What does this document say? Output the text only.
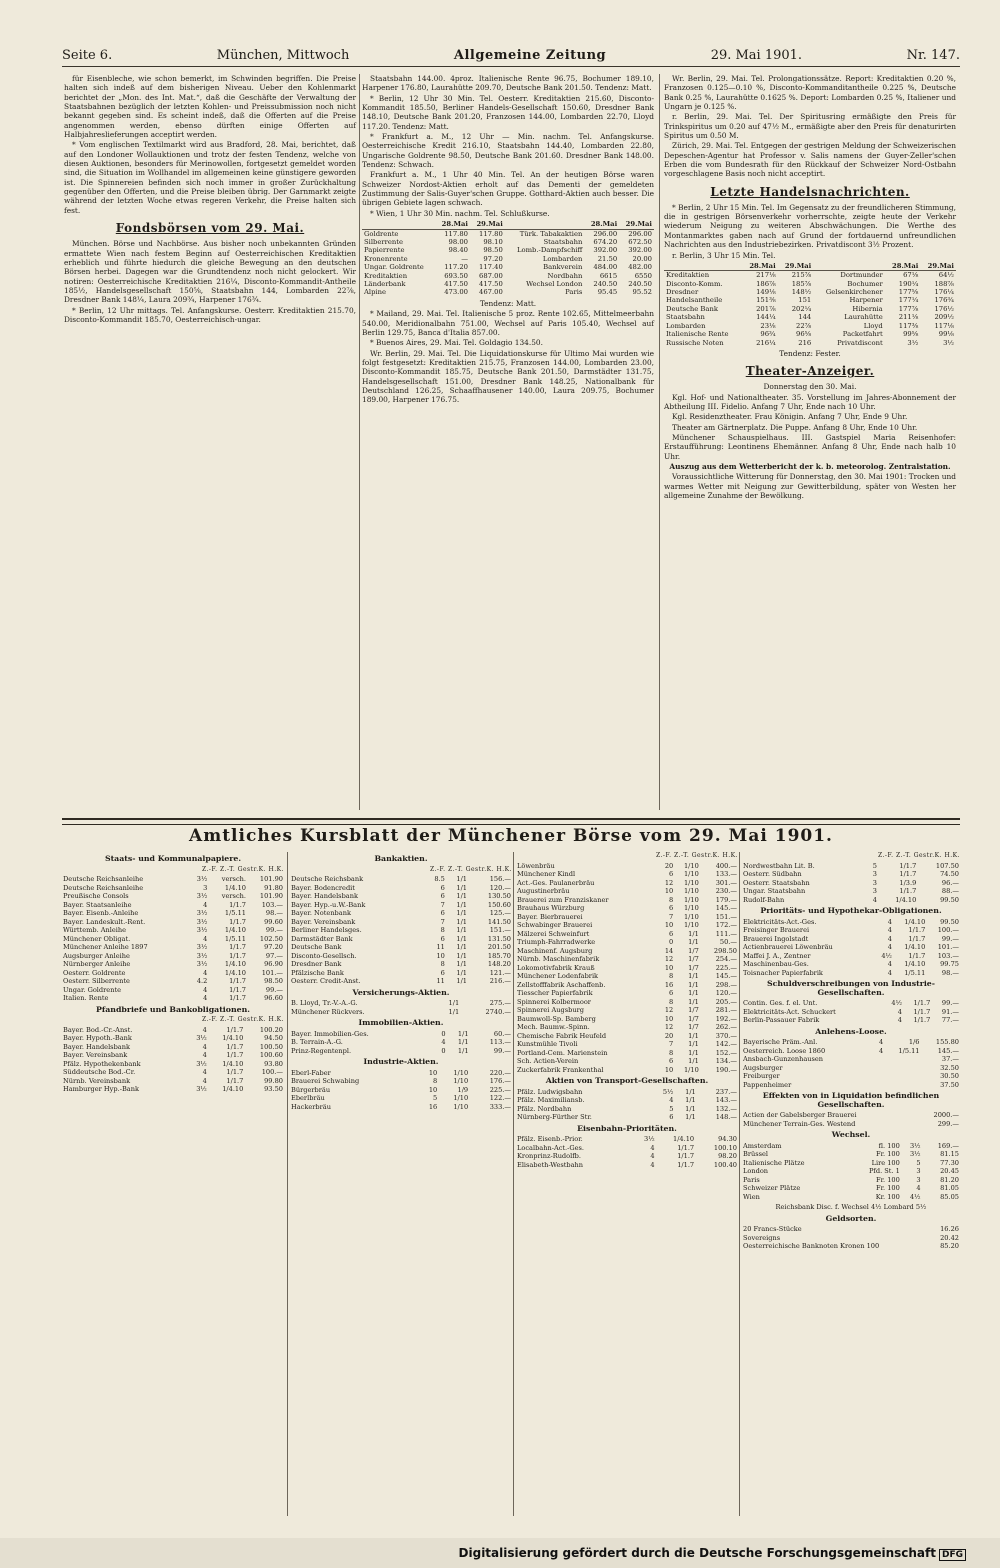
Seite 6.	München, Mittwoch	Allgemeine Zeitung	29. Mai 1901.	Nr. 147.

für Eisenbleche, wie schon bemerkt, im Schwinden begriffen. Die Preise halten sich indeß auf dem bisherigen Niveau. Ueber den Kohlenmarkt berichtet der „Mon. des Int. Mat.“, daß die Geschäfte der Verwaltung der Staatsbahnen bezüglich der letzten Kohlen- und Preissubmission noch nicht bekannt gegeben sind. Es scheint indeß, daß die Offerten auf die Preise angenommen werden, ebenso dürften einige Offerten auf Halbjahreslieferungen acceptirt werden.

* Vom englischen Textilmarkt wird aus Bradford, 28. Mai, berichtet, daß auf den Londoner Wollauktionen und trotz der festen Tendenz, welche von diesen Auktionen, besonders für Merinowollen, fortgesetzt gemeldet worden sind, die Situation im Wollhandel im allgemeinen keine günstigere geworden ist. Die Spinnereien befinden sich noch immer in großer Zurückhaltung gegenüber den Offerten, und die Preise bleiben übrig. Der Garnmarkt zeigte während der letzten Woche etwas regeren Verkehr, die Preise halten sich fest.

Fondsbörsen vom 29. Mai.

München. Börse und Nachbörse. Aus bisher noch unbekannten Gründen ermattete Wien nach festem Beginn auf Oesterreichischen Kreditaktien erheblich und führte hiedurch die gleiche Bewegung an den deutschen Börsen herbei. Dagegen war die Grundtendenz noch nicht gelockert. Wir notiren: Oesterreichische Kreditaktien 216¼, Disconto-Kommandit-Antheile 185½, Handelsgesellschaft 150⅝, Staatsbahn 144, Lombarden 22⅞, Dresdner Bank 148¼, Laura 209¾, Harpener 176¾.

* Berlin, 12 Uhr mittags. Tel. Anfangskurse. Oesterr. Kreditaktien 215.70, Disconto-Kommandit 185.70, Oesterreichisch-ungar.

Staatsbahn 144.00. 4proz. Italienische Rente 96.75, Bochumer 189.10, Harpener 176.80, Laurahütte 209.70, Deutsche Bank 201.50. Tendenz: Matt.

* Berlin, 12 Uhr 30 Min. Tel. Oesterr. Kreditaktien 215.60, Disconto-Kommandit 185.50, Berliner Handels-Gesellschaft 150.60, Dresdner Bank 148.10, Deutsche Bank 201.20, Franzosen 144.00, Lombarden 22.70, Lloyd 117.20. Tendenz: Matt.

* Frankfurt a. M., 12 Uhr — Min. nachm. Tel. Anfangskurse. Oesterreichische Kredit 216.10, Staatsbahn 144.40, Lombarden 22.80, Ungarische Goldrente 98.50, Deutsche Bank 201.60. Dresdner Bank 148.00. Tendenz: Schwach.

Frankfurt a. M., 1 Uhr 40 Min. Tel. An der heutigen Börse waren Schweizer Nordost-Aktien erholt auf das Dementi der gemeldeten Zustimmung der Salis-Guyer'schen Gruppe. Gotthard-Aktien auch besser. Die übrigen Gebiete lagen schwach.

* Wien, 1 Uhr 30 Min. nachm. Tel. Schlußkurse.

	28.Mai	29.Mai		28.Mai	29.Mai
Goldrente	117.80	117.80	Türk. Tabakaktien	296.00	296.00
Silberrente	98.00	98.10	Staatsbahn	674.20	672.50
Papierrente	98.40	98.50	Lomb.-Dampfschiff	392.00	392.00
Kronenrente	—	97.20	Lombarden	21.50	20.00
Ungar. Goldrente	117.20	117.40	Bankverein	484.00	482.00
Kreditaktien	693.50	687.00	Nordbahn	6615	6550
Länderbank	417.50	417.50	Wechsel London	240.50	240.50
Alpine	473.00	467.00	Paris	95.45	95.52

Tendenz: Matt.

* Mailand, 29. Mai. Tel. Italienische 5 proz. Rente 102.65, Mittelmeerbahn 540.00, Meridionalbahn 751.00, Wechsel auf Paris 105.40, Wechsel auf Berlin 129.75, Banca d'Italia 857.00.

* Buenos Aires, 29. Mai. Tel. Goldagio 134.50.

Wr. Berlin, 29. Mai. Tel. Die Liquidationskurse für Ultimo Mai wurden wie folgt festgesetzt: Kreditaktien 215.75, Franzosen 144.00, Lombarden 23.00, Disconto-Kommandit 185.75, Deutsche Bank 201.50, Darmstädter 131.75, Handelsgesellschaft 151.00, Dresdner Bank 148.25, Nationalbank für Deutschland 126.25, Schaaffhausener 140.00, Laura 209.75, Bochumer 189.00, Harpener 176.75.

Wr. Berlin, 29. Mai. Tel. Prolongationssätze. Report: Kreditaktien 0.20 %, Franzosen 0.125—0.10 %, Disconto-Kommanditantheile 0.225 %, Deutsche Bank 0.25 %, Laurahütte 0.1625 %. Deport: Lombarden 0.25 %, Italiener und Ungarn je 0.125 %.

r. Berlin, 29. Mai. Tel. Der Spiritusring ermäßigte den Preis für Trinkspiritus um 0.20 auf 47½ M., ermäßigte aber den Preis für denaturirten Spiritus um 0.50 M.

Zürich, 29. Mai. Tel. Entgegen der gestrigen Meldung der Schweizerischen Depeschen-Agentur hat Professor v. Salis namens der Guyer-Zeller'schen Erben die vom Bundesrath für den Rückkauf der Schweizer Nord-Ostbahn vorgeschlagene Basis noch nicht acceptirt.

Letzte Handelsnachrichten.

* Berlin, 2 Uhr 15 Min. Tel. Im Gegensatz zu der freundlicheren Stimmung, die in gestrigen Börsenverkehr vorherrschte, zeigte heute der Verkehr wiederum Neigung zu weiteren Abschwächungen. Die Werthe des Montanmarktes gaben nach auf Grund der fortdauernd unfreundlichen Nachrichten aus den Industriebezirken. Privatdiscont 3½ Prozent.

r. Berlin, 3 Uhr 15 Min. Tel.

	28.Mai	29.Mai		28.Mai	29.Mai
Kreditaktien	217⅛	215⅞	Dortmunder	67⅛	64½
Disconto-Komm.	186⅞	185⅞	Bochumer	190¼	188⅞
Dresdner	149⅛	148½	Gelsenkirchener	177⅝	176¼
Handelsantheile	151⅜	151	Harpener	177¼	176¾
Deutsche Bank	201⅞	202¼	Hibernia	177⅞	176½
Staatsbahn	144¼	144	Laurahütte	211⅛	209½
Lombarden	23⅛	22⅞	Lloyd	117⅜	117⅛
Italienische Rente	96¾	96⅝	Packetfahrt	99⅝	99⅛
Russische Noten	216¼	216	Privatdiscont	3½	3½

Tendenz: Fester.

Theater-Anzeiger.

Donnerstag den 30. Mai.

Kgl. Hof- und Nationaltheater. 35. Vorstellung im Jahres-Abonnement der Abtheilung III. Fidelio. Anfang 7 Uhr, Ende nach 10 Uhr.

Kgl. Residenztheater. Frau Königin. Anfang 7 Uhr, Ende 9 Uhr.

Theater am Gärtnerplatz. Die Puppe. Anfang 8 Uhr, Ende 10 Uhr.

Münchener Schauspielhaus. III. Gastspiel Maria Reisenhofer: Erstaufführung: Leontinens Ehemänner. Anfang 8 Uhr, Ende nach halb 10 Uhr.

Auszug aus dem Wetterbericht der k. b. meteorolog. Zentralstation.

Voraussichtliche Witterung für Donnerstag, den 30. Mai 1901: Trocken und warmes Wetter mit Neigung zur Gewitterbildung, später von Westen her allgemeine Zunahme der Bewölkung.

Amtliches Kursblatt der Münchener Börse vom 29. Mai 1901.
Staats- und Kommunalpapiere.
Z.-F. Z.-T. Gestr.K. H.K.
Deutsche Reichsanleihe	3½	versch.	101.90
Deutsche Reichsanleihe	3	1/4.10	91.80
Preußische Consols	3½	versch.	101.90
Bayer. Staatsanleihe	4	1/1.7	103.—
Bayer. Eisenb.-Anleihe	3½	1/5.11	98.—
Bayer. Landeskult.-Rent.	3½	1/1.7	99.60
Württemb. Anleihe	3½	1/4.10	99.—
Münchener Obligat.	4	1/5.11	102.50
Münchener Anleihe 1897	3½	1/1.7	97.20
Augsburger Anleihe	3½	1/1.7	97.—
Nürnberger Anleihe	3½	1/4.10	96.90
Oesterr. Goldrente	4	1/4.10	101.—
Oesterr. Silberrente	4.2	1/1.7	98.50
Ungar. Goldrente	4	1/1.7	99.—
Italien. Rente	4	1/1.7	96.60
Pfandbriefe und Bankobligationen.
Z.-F. Z.-T. Gestr.K. H.K.
Bayer. Bod.-Cr.-Anst.	4	1/1.7	100.20
Bayer. Hypoth.-Bank	3½	1/4.10	94.50
Bayer. Handelsbank	4	1/1.7	100.50
Bayer. Vereinsbank	4	1/1.7	100.60
Pfälz. Hypothekenbank	3½	1/4.10	93.80
Süddeutsche Bod.-Cr.	4	1/1.7	100.—
Nürnb. Vereinsbank	4	1/1.7	99.80
Hamburger Hyp.-Bank	3½	1/4.10	93.50
Bankaktien.
Z.-F. Z.-T. Gestr.K. H.K.
Deutsche Reichsbank	8.5	1/1	156.—
Bayer. Bodencredit	6	1/1	120.—
Bayer. Handelsbank	6	1/1	130.50
Bayer. Hyp.-u.W.-Bank	7	1/1	150.60
Bayer. Notenbank	6	1/1	125.—
Bayer. Vereinsbank	7	1/1	141.50
Berliner Handelsges.	8	1/1	151.—
Darmstädter Bank	6	1/1	131.50
Deutsche Bank	11	1/1	201.50
Disconto-Gesellsch.	10	1/1	185.70
Dresdner Bank	8	1/1	148.20
Pfälzische Bank	6	1/1	121.—
Oesterr. Credit-Anst.	11	1/1	216.—
Versicherungs-Aktien.
B. Lloyd, Tr.-V.-A.-G.		1/1	275.—
Münchener Rückvers.		1/1	2740.—
Immobilien-Aktien.
Bayer. Immobilien-Ges.	0	1/1	60.—
B. Terrain-A.-G.	4	1/1	113.—
Prinz-Regentenpl.	0	1/1	99.—
Industrie-Aktien.
Eberl-Faber	10	1/10	220.—
Brauerei Schwabing	8	1/10	176.—
Bürgerbräu	10	1/9	225.—
Eberlbräu	5	1/10	122.—
Hackerbräu	16	1/10	333.—
Z.-F. Z.-T. Gestr.K. H.K.
Löwenbräu	20	1/10	400.—
Münchener Kindl	6	1/10	133.—
Act.-Ges. Paulanerbräu	12	1/10	301.—
Augustinerbräu	10	1/10	230.—
Brauerei zum Franziskaner	8	1/10	179.—
Brauhaus Würzburg	6	1/10	145.—
Bayer. Bierbrauerei	7	1/10	151.—
Schwabinger Brauerei	10	1/10	172.—
Mälzerei Schweinfurt	6	1/1	111.—
Triumph-Fahrradwerke	0	1/1	50.—
Maschinenf. Augsburg	14	1/7	298.50
Nürnb. Maschinenfabrik	12	1/7	254.—
Lokomotivfabrik Krauß	10	1/7	225.—
Münchener Lodenfabrik	8	1/1	145.—
Zellstofffabrik Aschaffenb.	16	1/1	298.—
Tiesscher Papierfabrik	6	1/1	120.—
Spinnerei Kolbermoor	8	1/1	205.—
Spinnerei Augsburg	12	1/7	281.—
Baumwoll-Sp. Bamberg	10	1/7	192.—
Mech. Baumw.-Spinn.	12	1/7	262.—
Chemische Fabrik Heufeld	20	1/1	370.—
Kunstmühle Tivoli	7	1/1	142.—
Portland-Cem. Marienstein	8	1/1	152.—
Sch. Actien-Verein	6	1/1	134.—
Zuckerfabrik Frankenthal	10	1/10	190.—
Aktien von Transport-Gesellschaften.
Pfälz. Ludwigsbahn	5½	1/1	237.—
Pfälz. Maximiliansb.	4	1/1	143.—
Pfälz. Nordbahn	5	1/1	132.—
Nürnberg-Fürther Str.	6	1/1	148.—
Eisenbahn-Prioritäten.
Pfälz. Eisenb.-Prior.	3½	1/4.10	94.30
Localbahn-Act.-Ges.	4	1/1.7	100.10
Kronprinz-Rudolfb.	4	1/1.7	98.20
Elisabeth-Westbahn	4	1/1.7	100.40
Z.-F. Z.-T. Gestr.K. H.K.
Nordwestbahn Lit. B.	5	1/1.7	107.50
Oesterr. Südbahn	3	1/1.7	74.50
Oesterr. Staatsbahn	3	1/3.9	96.—
Ungar. Staatsbahn	3	1/1.7	88.—
Rudolf-Bahn	4	1/4.10	99.50
Prioritäts- und Hypothekar-Obligationen.
Elektricitäts-Act.-Ges.	4	1/4.10	99.50
Freisinger Brauerei	4	1/1.7	100.—
Brauerei Ingolstadt	4	1/1.7	99.—
Actienbrauerei Löwenbräu	4	1/4.10	101.—
Maffei J. A., Zentner	4½	1/1.7	103.—
Maschinenbau-Ges.	4	1/4.10	99.75
Toisnacher Papierfabrik	4	1/5.11	98.—
Schuldverschreibungen von Industrie-Gesellschaften.
Contin. Ges. f. el. Unt.	4½	1/1.7	99.—
Elektricitäts-Act. Schuckert	4	1/1.7	91.—
Berlin-Passauer Fabrik	4	1/1.7	77.—
Anlehens-Loose.
Bayerische Präm.-Anl.	4	1/6	155.80
Oesterreich. Loose 1860	4	1/5.11	145.—
Ansbach-Gunzenhausen			37.—
Augsburger			32.50
Freiburger			30.50
Pappenheimer			37.50
Effekten von in Liquidation befindlichen Gesellschaften.
Actien der Gabelsberger Brauerei			2000.—
Münchener Terrain-Ges. Westend			299.—
Wechsel.
Amsterdam	fl. 100	3½	169.—
Brüssel	Fr. 100	3½	81.15
Italienische Plätze	Lire 100	5	77.30
London	Pfd. St. 1	3	20.45
Paris	Fr. 100	3	81.20
Schweizer Plätze	Fr. 100	4	81.05
Wien	Kr. 100	4½	85.05
Reichsbank Disc. f. Wechsel 4½ Lombard 5½
Geldsorten.
20 Francs-Stücke	16.26
Sovereigns	20.42
Oesterreichische Banknoten Kronen 100	85.20
Digitalisierung gefördert durch die Deutsche Forschungsgemeinschaft DFG
